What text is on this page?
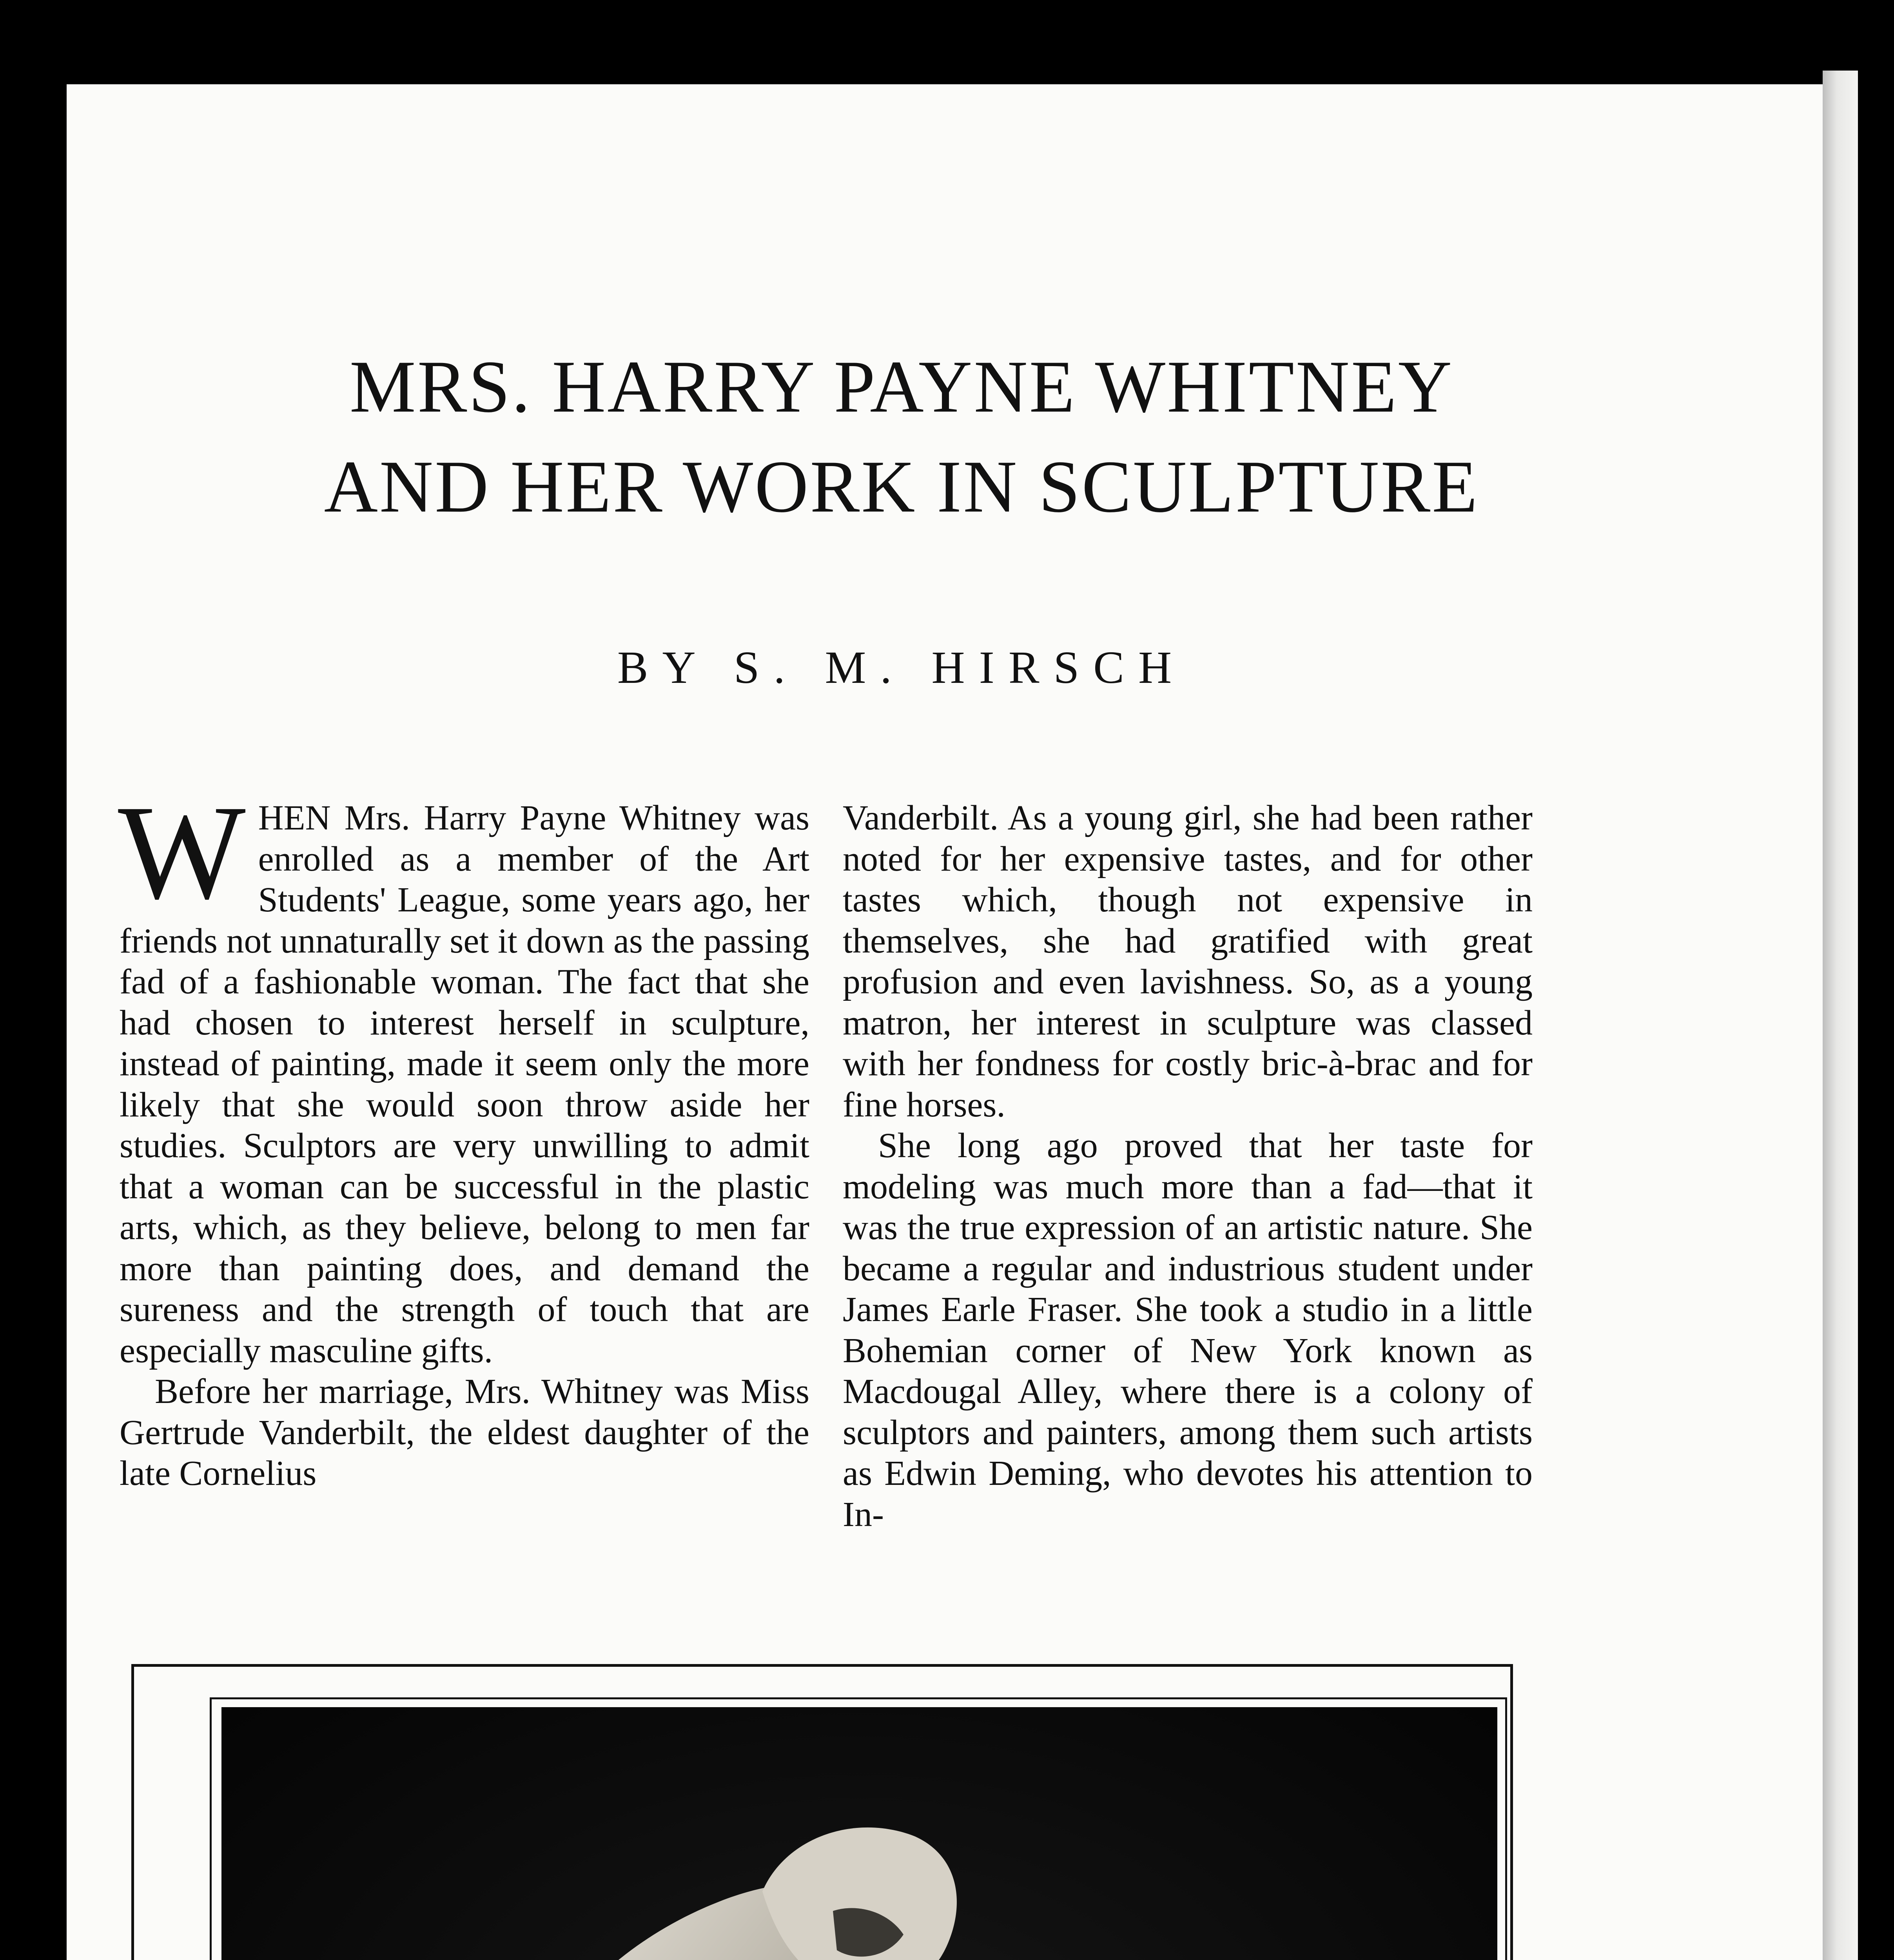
MRS. HARRY PAYNE WHITNEY
AND HER WORK IN SCULPTURE
BY S. M. HIRSCH

WHEN Mrs. Harry Payne Whitney was enrolled as a member of the Art Students' League, some years ago, her friends not unnaturally set it down as the passing fad of a fashionable woman. The fact that she had chosen to interest herself in sculpture, instead of painting, made it seem only the more likely that she would soon throw aside her studies. Sculptors are very unwilling to admit that a woman can be successful in the plastic arts, which, as they believe, belong to men far more than painting does, and demand the sureness and the strength of touch that are especially masculine gifts.

Before her marriage, Mrs. Whitney was Miss Gertrude Vanderbilt, the eldest daughter of the late Cornelius

Vanderbilt. As a young girl, she had been rather noted for her expensive tastes, and for other tastes which, though not expensive in themselves, she had gratified with great profusion and even lavishness. So, as a young matron, her interest in sculpture was classed with her fondness for costly bric-à-brac and for fine horses.

She long ago proved that her taste for modeling was much more than a fad—that it was the true expression of an artistic nature. She became a regular and industrious student under James Earle Fraser. She took a studio in a little Bohemian corner of New York known as Macdougal Alley, where there is a colony of sculptors and painters, among them such artists as Edwin Deming, who devotes his attention to In-
